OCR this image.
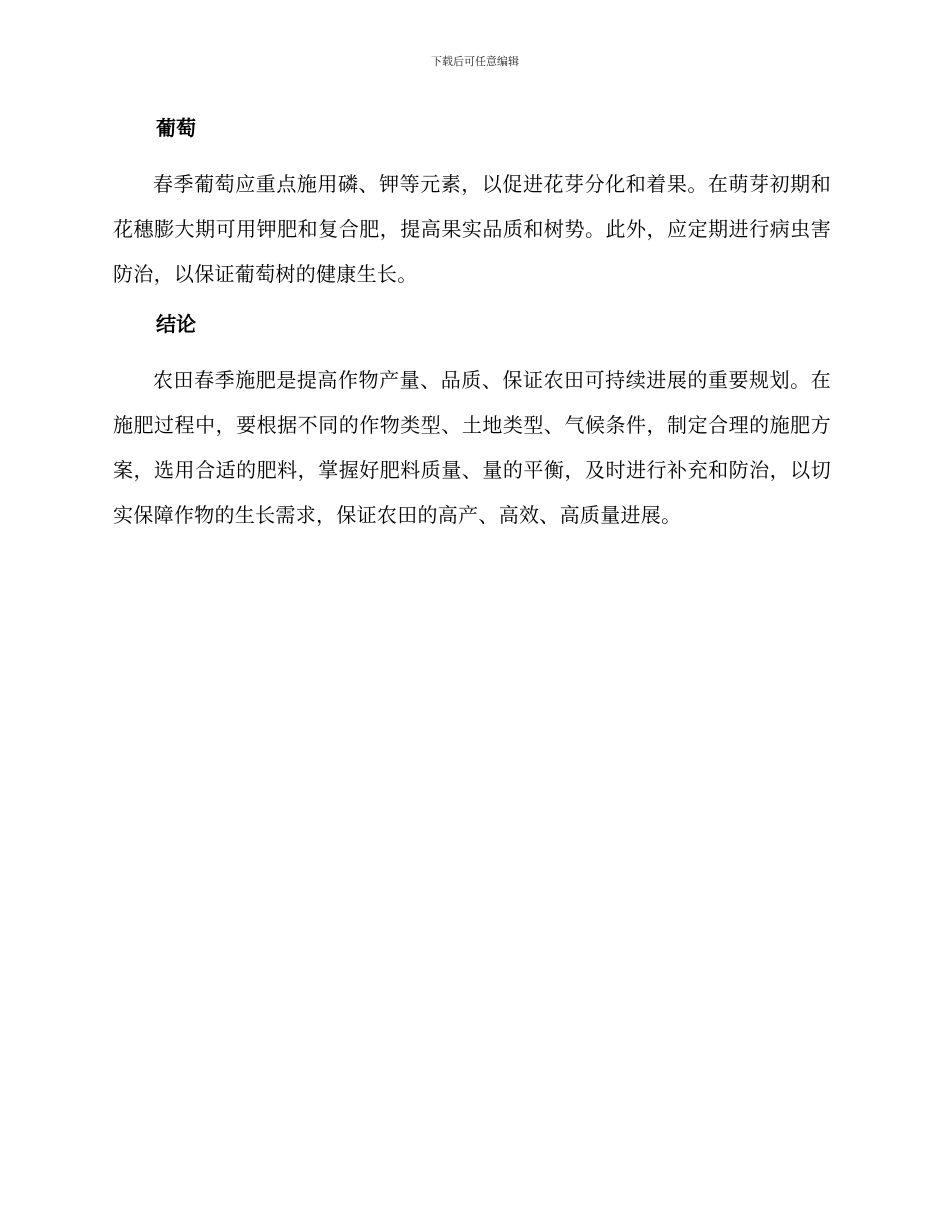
下载后可任意编辑
葡萄

春季葡萄应重点施用磷、钾等元素，以促进花芽分化和着果。在萌芽初期和花穗膨大期可用钾肥和复合肥，提高果实品质和树势。此外，应定期进行病虫害防治，以保证葡萄树的健康生长。

结论

农田春季施肥是提高作物产量、品质、保证农田可持续进展的重要规划。在施肥过程中，要根据不同的作物类型、土地类型、气候条件，制定合理的施肥方案，选用合适的肥料，掌握好肥料质量、量的平衡，及时进行补充和防治，以切实保障作物的生长需求，保证农田的高产、高效、高质量进展。
